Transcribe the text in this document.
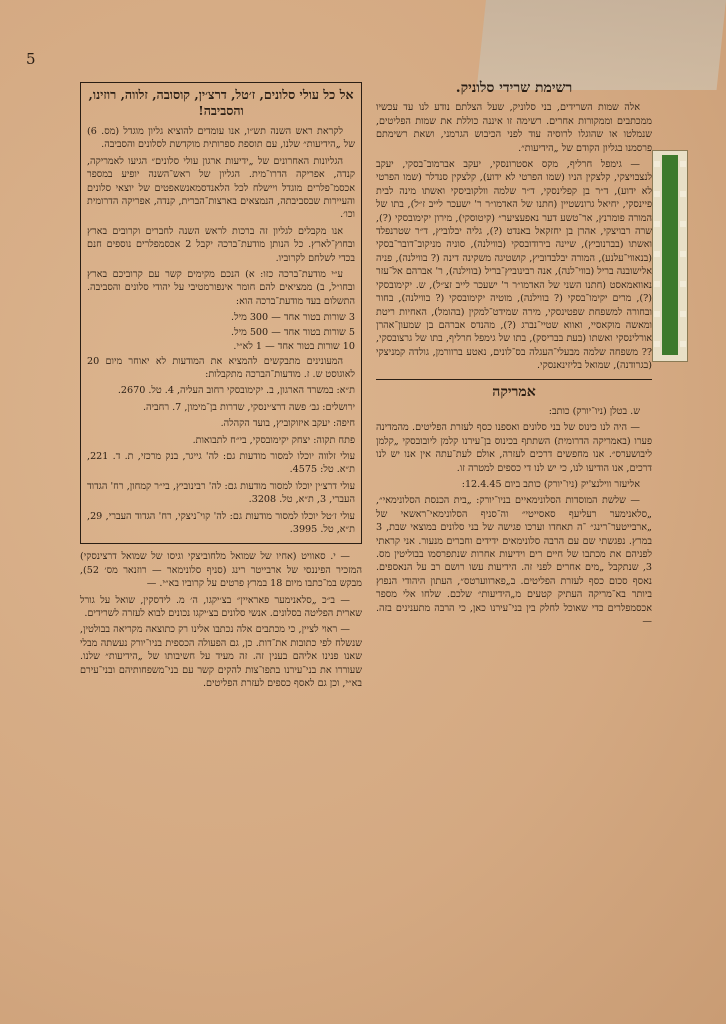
5
רשימת שרידי סלוניק.

אלה שמות השרידים, בני סלוניק, שעל הצלתם נודע לנו עד עכשיו ממכתבים וממקורות אחרים. רשימה זו איננה כוללת את שמות הפליטים, שנמלטו או שהוגלו לרוסיה עוד לפני הכיבוש הגרמני, ושאת רשימתם פרסמנו בגליון הקודם של „הידיעות״.

— גימפל חרליף, מקס אסטרונסקי, יעקב אברמוב־בסקי, יעקב לנצבויצקי, קלצקין הניו (שמו הפרטי לא ידוע), קלצקין סנדלר (שמו הפרטי לא ידוע), ד״ר בן קפלינסקי, ד״ר שלמה וולקוביסקי ואשתו מינה לבית פיינסקי, יחיאל גרונשטיין (חתנו של האדמו״ר ר' ישעכר לייב ז״ל), בתו של המורה פומרנץ, אר־טשע דער נאפעציער״ (קיטוסקי), מירון יקימובסקי (?), שרה רבויצקי, אהרן בן יחזקאל באנדט (?), גליה יבלוביץ, ד״ר שטרנפלד ואשתו (בברנוביץ), שיינה בירודובסקי (בווילנה), סוניה מניקוב־דובר־בסקי (בנאווי־עלנע), המורה יבלבדוביץ, קושטיגה משקינה דינה (? בווילנה), פניה אלישובנה בריל (בווי־לנה), אנה רבינוביץ־בריל (בווילנה), ר' אברהם אל־עזר נאוואמאסט (חתנו השני של האדמו״ר ר' ישעכר לייב זצ״ל), ש. יקימובסקי (?), מרים יקימו־בסקי (? בווילנה), מוטיה יקימובסקי (? בווילנה), בחור ובחורה למשפחת שפטינסקי, מירה שמידט־למקין (בהומל), האחיות ריטת ומאשה מוקאסיי, ואווא שטיי־נברג (?), מהנדס אברהם בן שמעון־אהרן אורלינסקי ואשתו (בעת בבריסק), בתו של גימפל חרליף, בתו של גרצובסקי, ?? משפחה שלמה מבעלי־העגלה בס־לונים, נאטע ברוורמן, גולדה קמניצקי (בגרודנה), שמואל בליזינאנסקי.

אמריקה

ש. בטלן (ניו־יורק) כותב:

— היה לנו כינוס של בני סלונים ואספנו כסף לעזרת הפליטים. מהמדינה פערו (באמריקה הדרומית) השתתף בכינוס בן־עירנו קלמן ליובובסקי „קלמן ליבושערס״. אנו מחפשים דרכים לעזרה, אולם לעת־עתה אין אנו יש לנו דרכים, אנו הודיעו לנו, כי יש לנו די כספים למטרה זו.

אליעזר ווילנצ'יק (ניו־יורק) כותב ביום 12.4.45:

— שלשת המוסדות הסלונימאיים בניו־יורק: „בית הכנסת הסלונימאי״, „סלאנימער רעליעף סאסייטי״ וה־סניף הסלונימאי־ראשאי של „ארבייטער־רינג״ ־ה תאחדו וערכו פגישה של בני סלונים במוצאי שבת, 3 במרץ. נפגשתי שם עם הרבה סלונימאים ידידים וחברים מנעור. אני קראתי לפניהם את מכתבו של חיים רים וידיעות אחרות שנתפרסמו בבוליטין מס. 3, שנתקבל „מים אחרים לפני זה. הידיעות עשו רושם רב על הנאספים. נאסף סכום כסף לעזרת הפליטים. ב„פארווערטס״, העתון היהודי הנפוץ ביותר בא־מריקה העתיק קטעים מ„הידיעות״ שלכם. שלחו אלי מספר אכסמפלרים כדי שאוכל לחלק בין בני־עירנו כאן, כי הרבה מתענינים בזה. —

אל כל עולי סלונים, ז׳טל, דרצ׳ין, קוסובה, זלווה, רוזינו, והסביבה!

לקראת ראש השנה תש״ו, אנו עומדים להוציא גליון מוגדל (מס. 6) של „הידיעות״ שלנו, עם תוספת ספרותית מוקדשת לסלונים והסביבה.

הגליונות האחרונים של „ידיעות ארגון עולי סלונים״ הגיעו לאמריקה, קנדה, אפריקה הדרו־מית. הגליון של ראש־השנה יופיע במספר אכסמ־פלרים מוגדל ויישלח לכל הלאנדסמאנשאפטים של יוצאי סלונים והעיירות שבסביבתה, הנמצאים בארצות־הברית, קנדה, אפריקה הדרומית וכו׳.

אנו מקבלים לגליון זה ברכות לראש השנה לחברים וקרובים בארץ ובחוץ־לארץ. כל הנותן מודעת־ברכה יקבל 2 אכסמפלרים נוספים חנם בכדי לשלחם לקרוביו.

ע״י מודעת־ברכה כזו: א) הנכם מקימים קשר עם קרוביכם בארץ ובחו״ל, ב) ממציאים להם חומר אינפורמטיבי על יהודי סלונים והסביבה. התשלום בעד מודעת־ברכה הוא:

3 שורות בטור אחד — 300 מיל.

5 שורות בטור אחד — 500 מיל.

10 שורות בטור אחד — 1 לא״י.

המעונינים מתבקשים להמציא את המודעות לא יאוחר מיום 20 לאוגוסט ש. ז. מודעות־הברכה מתקבלות:

ת״א: במשרד הארגון, ב. יקימובסקי רחוב העליה, 4. טל. 2670.

ירושלים: גב׳ פשה דרצ׳ינסקי, שדרות בן־מימון, 7. רחביה.

חיפה: יעקב איזוקוביץ, בועד הקהלה.

פתח תקוה: יצחק יקימובסקי, בי״ח לתבואות.

עולי זלווה יוכלו למסור מודעות גם: לה' גייגר, בנק מרכזי, ת. ד. 221, ת״א. טל: 4575.

עולי דרצ׳ין יוכלו למסור מודעות גם: לה' רבינוביץ, בי״ר קמחון, רח' הגדוד העברי, 3, ת״א, טל. 3208.

עולי ז׳טל יוכלו למסור מודעות גם: לה' קוי־ניצקי, רח' הגדוד העברי, 29, ת״א, טל. 3995.

— י. סאוויט (אחיו של שמואל מלחוביצקי וגיסו של שמואל דרצינסקי) המזכיר הפיננסי של ארבייטר רינג (סניף סלונימאר — רוזנאר מס׳ 52), מבקש במ־כתבו מיום 18 במרץ פרטים על קרוביו בא״י. —

— ב״כ „סלאנימער פאראיין״ בצ׳יקגו, ה׳ מ. לידסקין, שואל על גורל שארית הפליטה בסלונים. אנשי סלונים בצ׳יקגו נכונים לבוא לעזרה לשרידים.

— ראוי לציין, כי מכתבים אלה נכתבו אלינו רק כתוצאה מקריאה בבולטין, שנשלח לפי כתובות את־דות. כן, גם הפעולה הכספית בניו־יורק נעשתה מבלי שאנו פנינו אליהם בענין זה. זה מעיד על חשיבותו של „הידיעות״ שלנו. שעוררו את בני־עירנו בתפו־צות להקים קשר עם בני־משפחותיהם ובני־עירם בא״י, וכן גם לאסף כספים לעזרת הפליטים.
